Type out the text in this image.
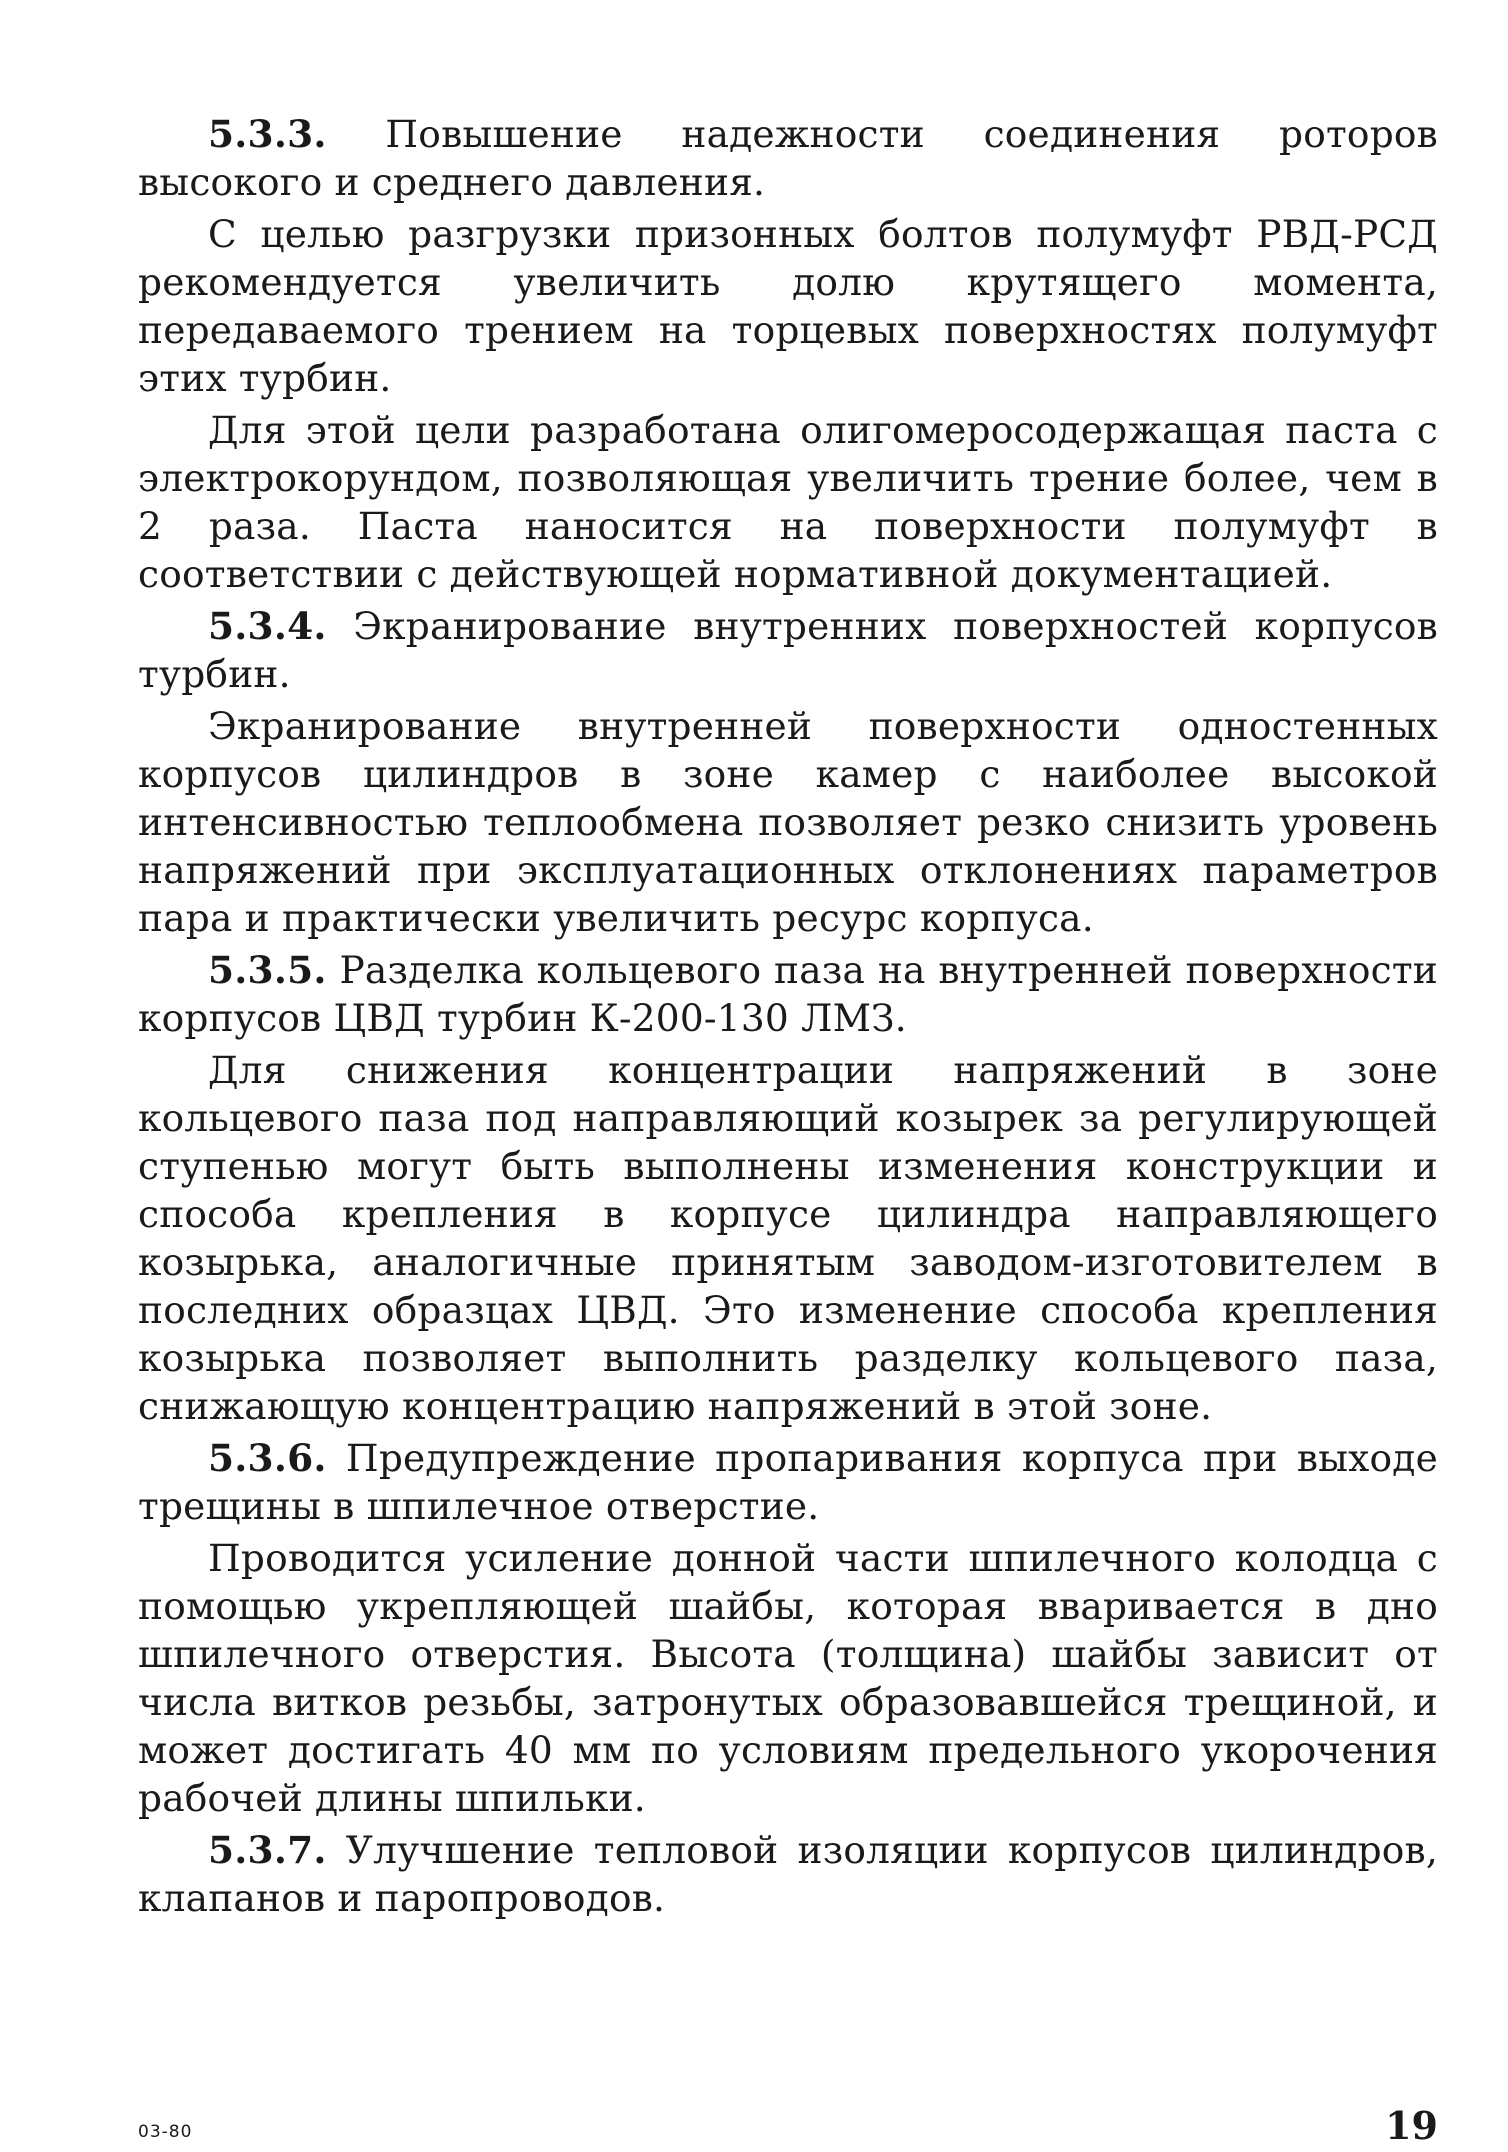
5.3.3. Повышение надежности соединения роторов высокого и среднего давления.

С целью разгрузки призонных болтов полумуфт РВД-РСД рекомендуется увеличить долю крутящего момента, передаваемого трением на торцевых поверхностях полумуфт этих турбин.

Для этой цели разработана олигомеросодержащая паста с электрокорундом, позволяющая увеличить трение более, чем в 2 раза. Паста наносится на поверхности полумуфт в соответствии с действующей нормативной документацией.

5.3.4. Экранирование внутренних поверхностей корпусов турбин.

Экранирование внутренней поверхности одностенных корпусов цилиндров в зоне камер с наиболее высокой интенсивностью теплообмена позволяет резко снизить уровень напряжений при эксплуатационных отклонениях параметров пара и практически увеличить ресурс корпуса.

5.3.5. Разделка кольцевого паза на внутренней поверхности корпусов ЦВД турбин К-200-130 ЛМЗ.

Для снижения концентрации напряжений в зоне кольцевого паза под направляющий козырек за регулирующей ступенью могут быть выполнены изменения конструкции и способа крепления в корпусе цилиндра направляющего козырька, аналогичные принятым заводом-изготовителем в последних образцах ЦВД. Это изменение способа крепления козырька позволяет выполнить разделку кольцевого паза, снижающую концентрацию напряжений в этой зоне.

5.3.6. Предупреждение пропаривания корпуса при выходе трещины в шпилечное отверстие.

Проводится усиление донной части шпилечного колодца с помощью укрепляющей шайбы, которая вваривается в дно шпилечного отверстия. Высота (толщина) шайбы зависит от числа витков резьбы, затронутых образовавшейся трещиной, и может достигать 40 мм по условиям предельного укорочения рабочей длины шпильки.

5.3.7. Улучшение тепловой изоляции корпусов цилиндров, клапанов и паропроводов.

03-80	19
